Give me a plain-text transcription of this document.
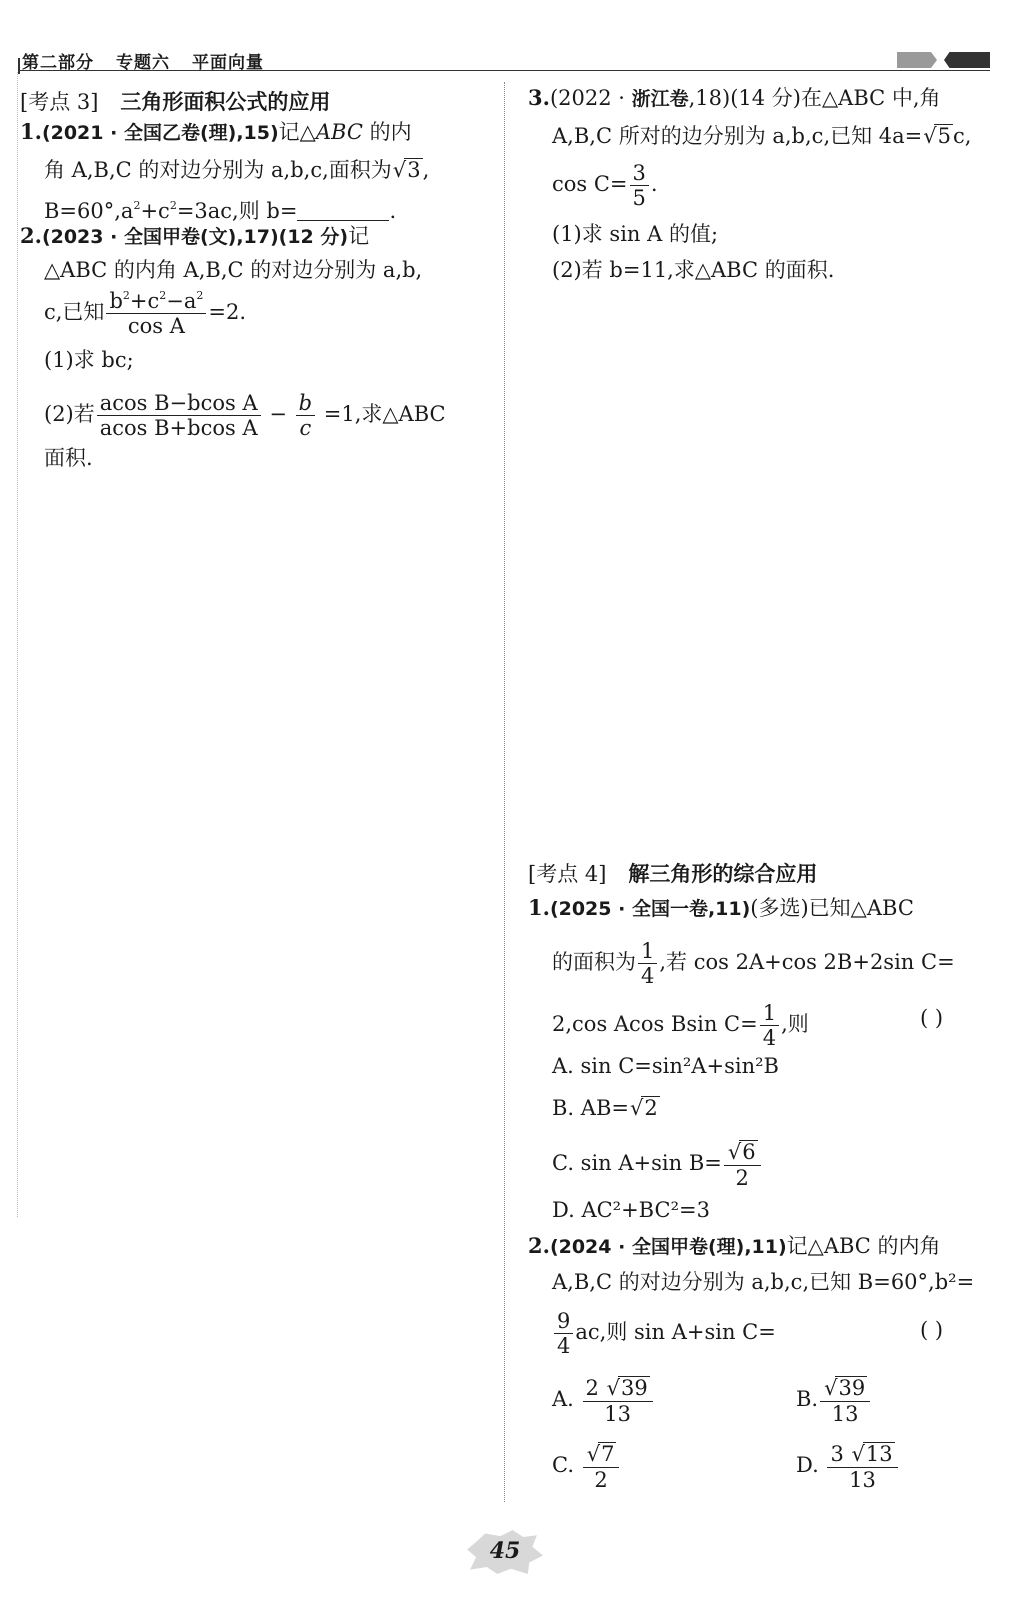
第二部分 专题六 平面向量
[考点 3] 三角形面积公式的应用
1.(2021 · 全国乙卷(理),15)记△ABC 的内
角 A,B,C 的对边分别为 a,b,c,面积为 √ 3,
$B=60^\circ,a^2+c^2=3ac$,则 b=	.
2.(2023 · 全国甲卷(文),17)(12 分)记
△ABC 的内角 A,B,C 的对边分别为 a,b,
c,已知 $\frac{b^2+c^2-a^2}{\text{cos A}} =2$.
(1)求 bc;
(2)若 $\frac{\text{acos B−bcos A}}{\text{acos B+bcos A}} - \frac{b}{c} =1$,求△ABC
面积.
3.(2022 · 浙江卷,18)(14 分)在△ABC 中,角
A,B,C 所对的边分别为 a,b,c,已知 4a= √ 5c,
$\cos C= \frac{3}{5}$ .
(1)求 sin A 的值;
(2)若 b=11,求△ABC 的面积.
[考点 4] 解三角形的综合应用
1.(2025 · 全国一卷,11)(多选)已知△ABC
的面积为 $\frac{1}{4}$ ,若 cos 2A+cos 2B+2sin C=
2,cos Acos Bsin $C= \frac{1}{4}$ ,则	( )
A. sin C=sin²A+sin²B
B. AB= √ 2
C. sin A+sin B= √ $\frac{6}{2}$
D. AC²+BC²=3
2.(2024 · 全国甲卷(理),11)记△ABC 的内角
A,B,C 的对边分别为 a,b,c,已知 B=60°,b²=
$\frac{9}{4}$ ac,则 sin A+sin C=	( )
A. $\frac{2 √ 39}{13}$	B. √ $\frac{39}{13}$
C. √ $\frac{7}{2}$	D. $\frac{3 √ 13}{13}$
45
